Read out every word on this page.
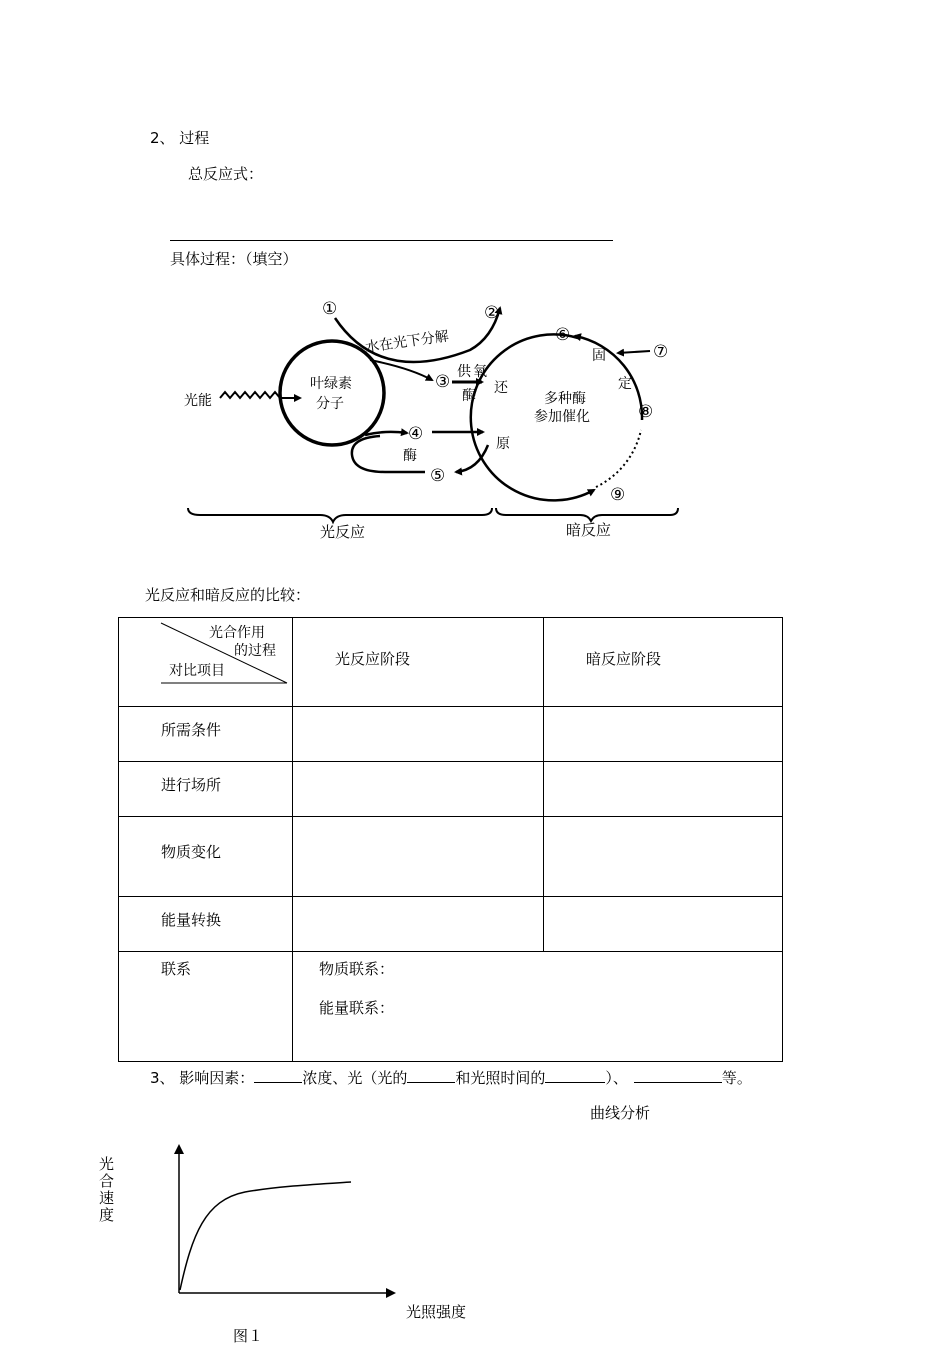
2、 过程
总反应式：
具体过程：（填空）
①	②
③
④
⑤
⑥
⑦
⑧
⑨
光能
叶绿素
分子
水在光下分解
供 氧
酶 还
原
酶
固
定
多种酶
参加催化
光反应	暗反应
光反应和暗反应的比较：
光合作用
的过程
对比项目	光反应阶段	暗反应阶段

所需条件		

进行场所		

物质变化		

能量转换		

联系	物质联系：
能量联系：	
3、 影响因素：	浓度、光（光的	和光照时间的	）、	等。
曲线分析
光
合
速
度
光照强度
图１
